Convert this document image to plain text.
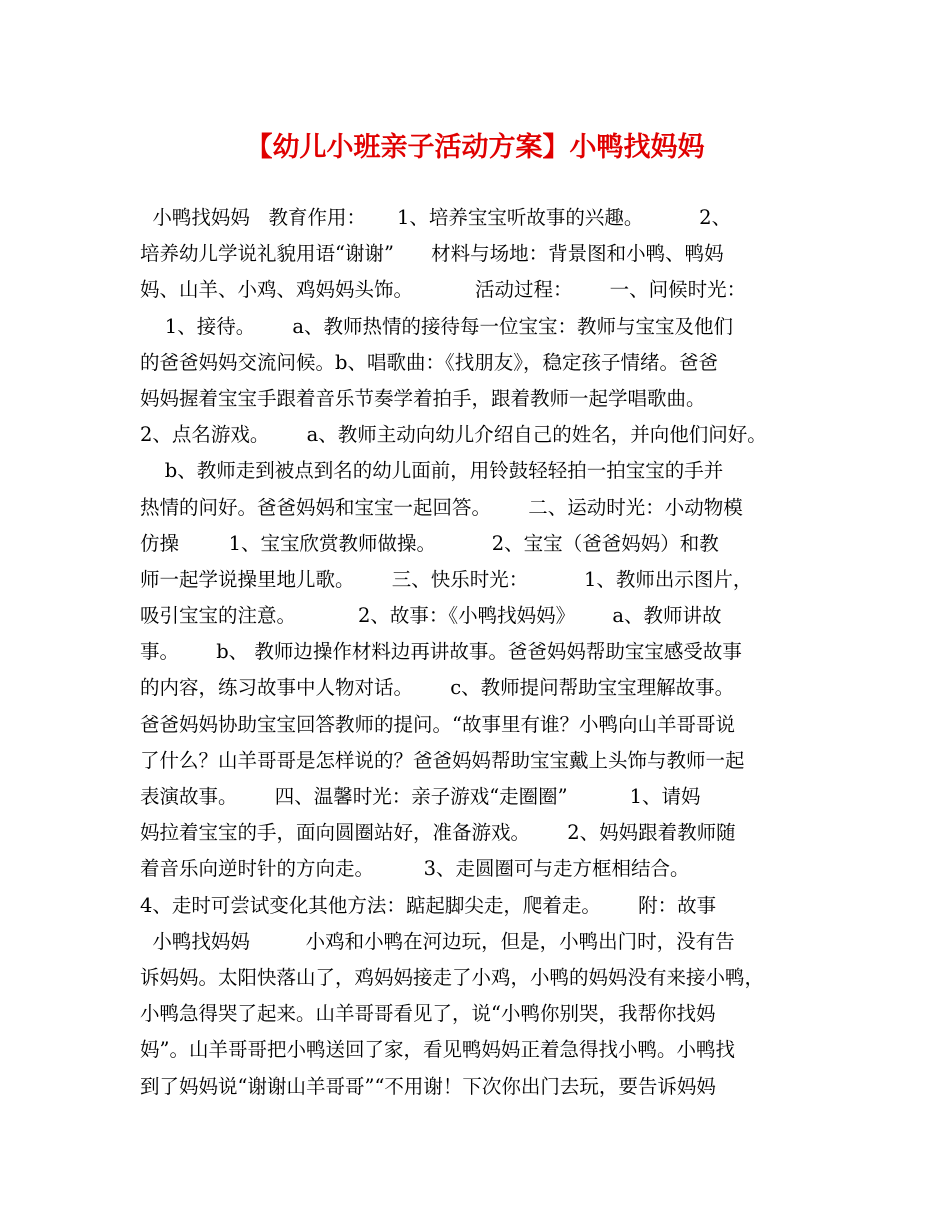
【幼儿小班亲子活动方案】小鸭找妈妈
小鸭找妈妈   教育作用：     1、培养宝宝听故事的兴趣。         2、
培养幼儿学说礼貌用语“谢谢”      材料与场地：背景图和小鸭、鸭妈
妈、山羊、小鸡、鸡妈妈头饰。          活动过程：      一、问候时光：
1、接待。      a、教师热情的接待每一位宝宝：教师与宝宝及他们
的爸爸妈妈交流问候。b、唱歌曲：《找朋友》，稳定孩子情绪。爸爸
妈妈握着宝宝手跟着音乐节奏学着拍手，跟着教师一起学唱歌曲。
2、点名游戏。      a、教师主动向幼儿介绍自己的姓名，并向他们问好。
b、教师走到被点到名的幼儿面前，用铃鼓轻轻拍一拍宝宝的手并
热情的问好。爸爸妈妈和宝宝一起回答。      二、运动时光：小动物模
仿操        1、宝宝欣赏教师做操。         2、宝宝（爸爸妈妈）和教
师一起学说操里地儿歌。      三、快乐时光：         1、教师出示图片，
吸引宝宝的注意。          2、故事：《小鸭找妈妈》      a、教师讲故
事。      b、 教师边操作材料边再讲故事。爸爸妈妈帮助宝宝感受故事
的内容，练习故事中人物对话。      c、教师提问帮助宝宝理解故事。
爸爸妈妈协助宝宝回答教师的提问。“故事里有谁？小鸭向山羊哥哥说
了什么？山羊哥哥是怎样说的？爸爸妈妈帮助宝宝戴上头饰与教师一起
表演故事。      四、温馨时光：亲子游戏“走圈圈”          1、请妈
妈拉着宝宝的手，面向圆圈站好，准备游戏。      2、妈妈跟着教师随
着音乐向逆时针的方向走。        3、走圆圈可与走方框相结合。
4、走时可尝试变化其他方法：踮起脚尖走，爬着走。      附：故事
小鸭找妈妈         小鸡和小鸭在河边玩，但是，小鸭出门时，没有告
诉妈妈。太阳快落山了，鸡妈妈接走了小鸡，小鸭的妈妈没有来接小鸭，
小鸭急得哭了起来。山羊哥哥看见了，说“小鸭你别哭，我帮你找妈
妈”。山羊哥哥把小鸭送回了家，看见鸭妈妈正着急得找小鸭。小鸭找
到了妈妈说“谢谢山羊哥哥”“不用谢！下次你出门去玩，要告诉妈妈
